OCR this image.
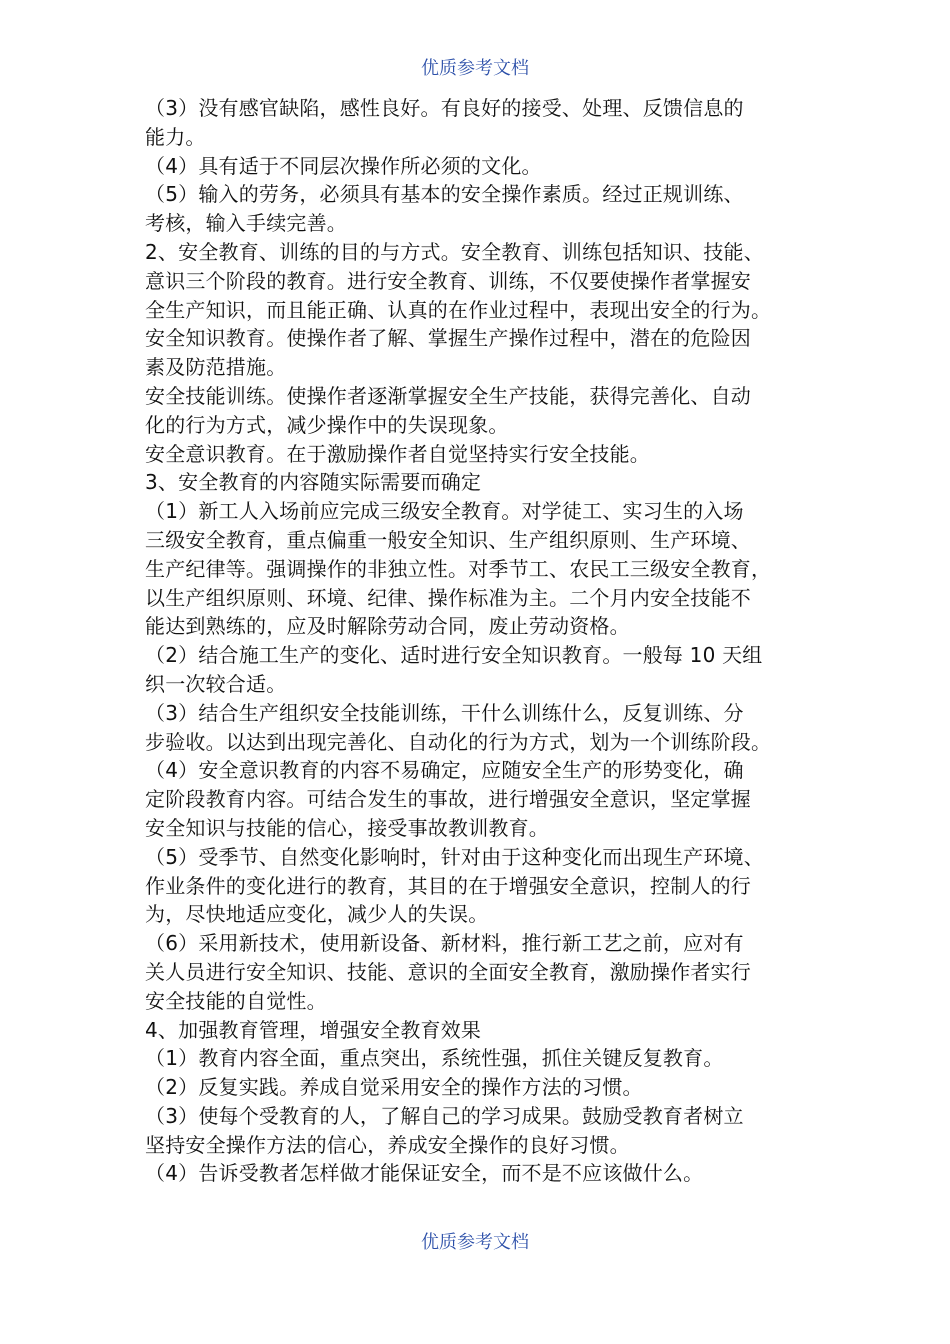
优质参考文档
（3）没有感官缺陷，感性良好。有良好的接受、处理、反馈信息的
能力。
（4）具有适于不同层次操作所必须的文化。
（5）输入的劳务，必须具有基本的安全操作素质。经过正规训练、
考核，输入手续完善。
2、安全教育、训练的目的与方式。安全教育、训练包括知识、技能、
意识三个阶段的教育。进行安全教育、训练，不仅要使操作者掌握安
全生产知识，而且能正确、认真的在作业过程中，表现出安全的行为。
安全知识教育。使操作者了解、掌握生产操作过程中，潜在的危险因
素及防范措施。
安全技能训练。使操作者逐渐掌握安全生产技能，获得完善化、自动
化的行为方式，减少操作中的失误现象。
安全意识教育。在于激励操作者自觉坚持实行安全技能。
3、安全教育的内容随实际需要而确定
（1）新工人入场前应完成三级安全教育。对学徒工、实习生的入场
三级安全教育，重点偏重一般安全知识、生产组织原则、生产环境、
生产纪律等。强调操作的非独立性。对季节工、农民工三级安全教育，
以生产组织原则、环境、纪律、操作标准为主。二个月内安全技能不
能达到熟练的，应及时解除劳动合同，废止劳动资格。
（2）结合施工生产的变化、适时进行安全知识教育。一般每 10 天组
织一次较合适。
（3）结合生产组织安全技能训练，干什么训练什么，反复训练、分
步验收。以达到出现完善化、自动化的行为方式，划为一个训练阶段。
（4）安全意识教育的内容不易确定，应随安全生产的形势变化，确
定阶段教育内容。可结合发生的事故，进行增强安全意识，坚定掌握
安全知识与技能的信心，接受事故教训教育。
（5）受季节、自然变化影响时，针对由于这种变化而出现生产环境、
作业条件的变化进行的教育，其目的在于增强安全意识，控制人的行
为，尽快地适应变化，减少人的失误。
（6）采用新技术，使用新设备、新材料，推行新工艺之前，应对有
关人员进行安全知识、技能、意识的全面安全教育，激励操作者实行
安全技能的自觉性。
4、加强教育管理，增强安全教育效果
（1）教育内容全面，重点突出，系统性强，抓住关键反复教育。
（2）反复实践。养成自觉采用安全的操作方法的习惯。
（3）使每个受教育的人，了解自己的学习成果。鼓励受教育者树立
坚持安全操作方法的信心，养成安全操作的良好习惯。
（4）告诉受教者怎样做才能保证安全，而不是不应该做什么。
优质参考文档
